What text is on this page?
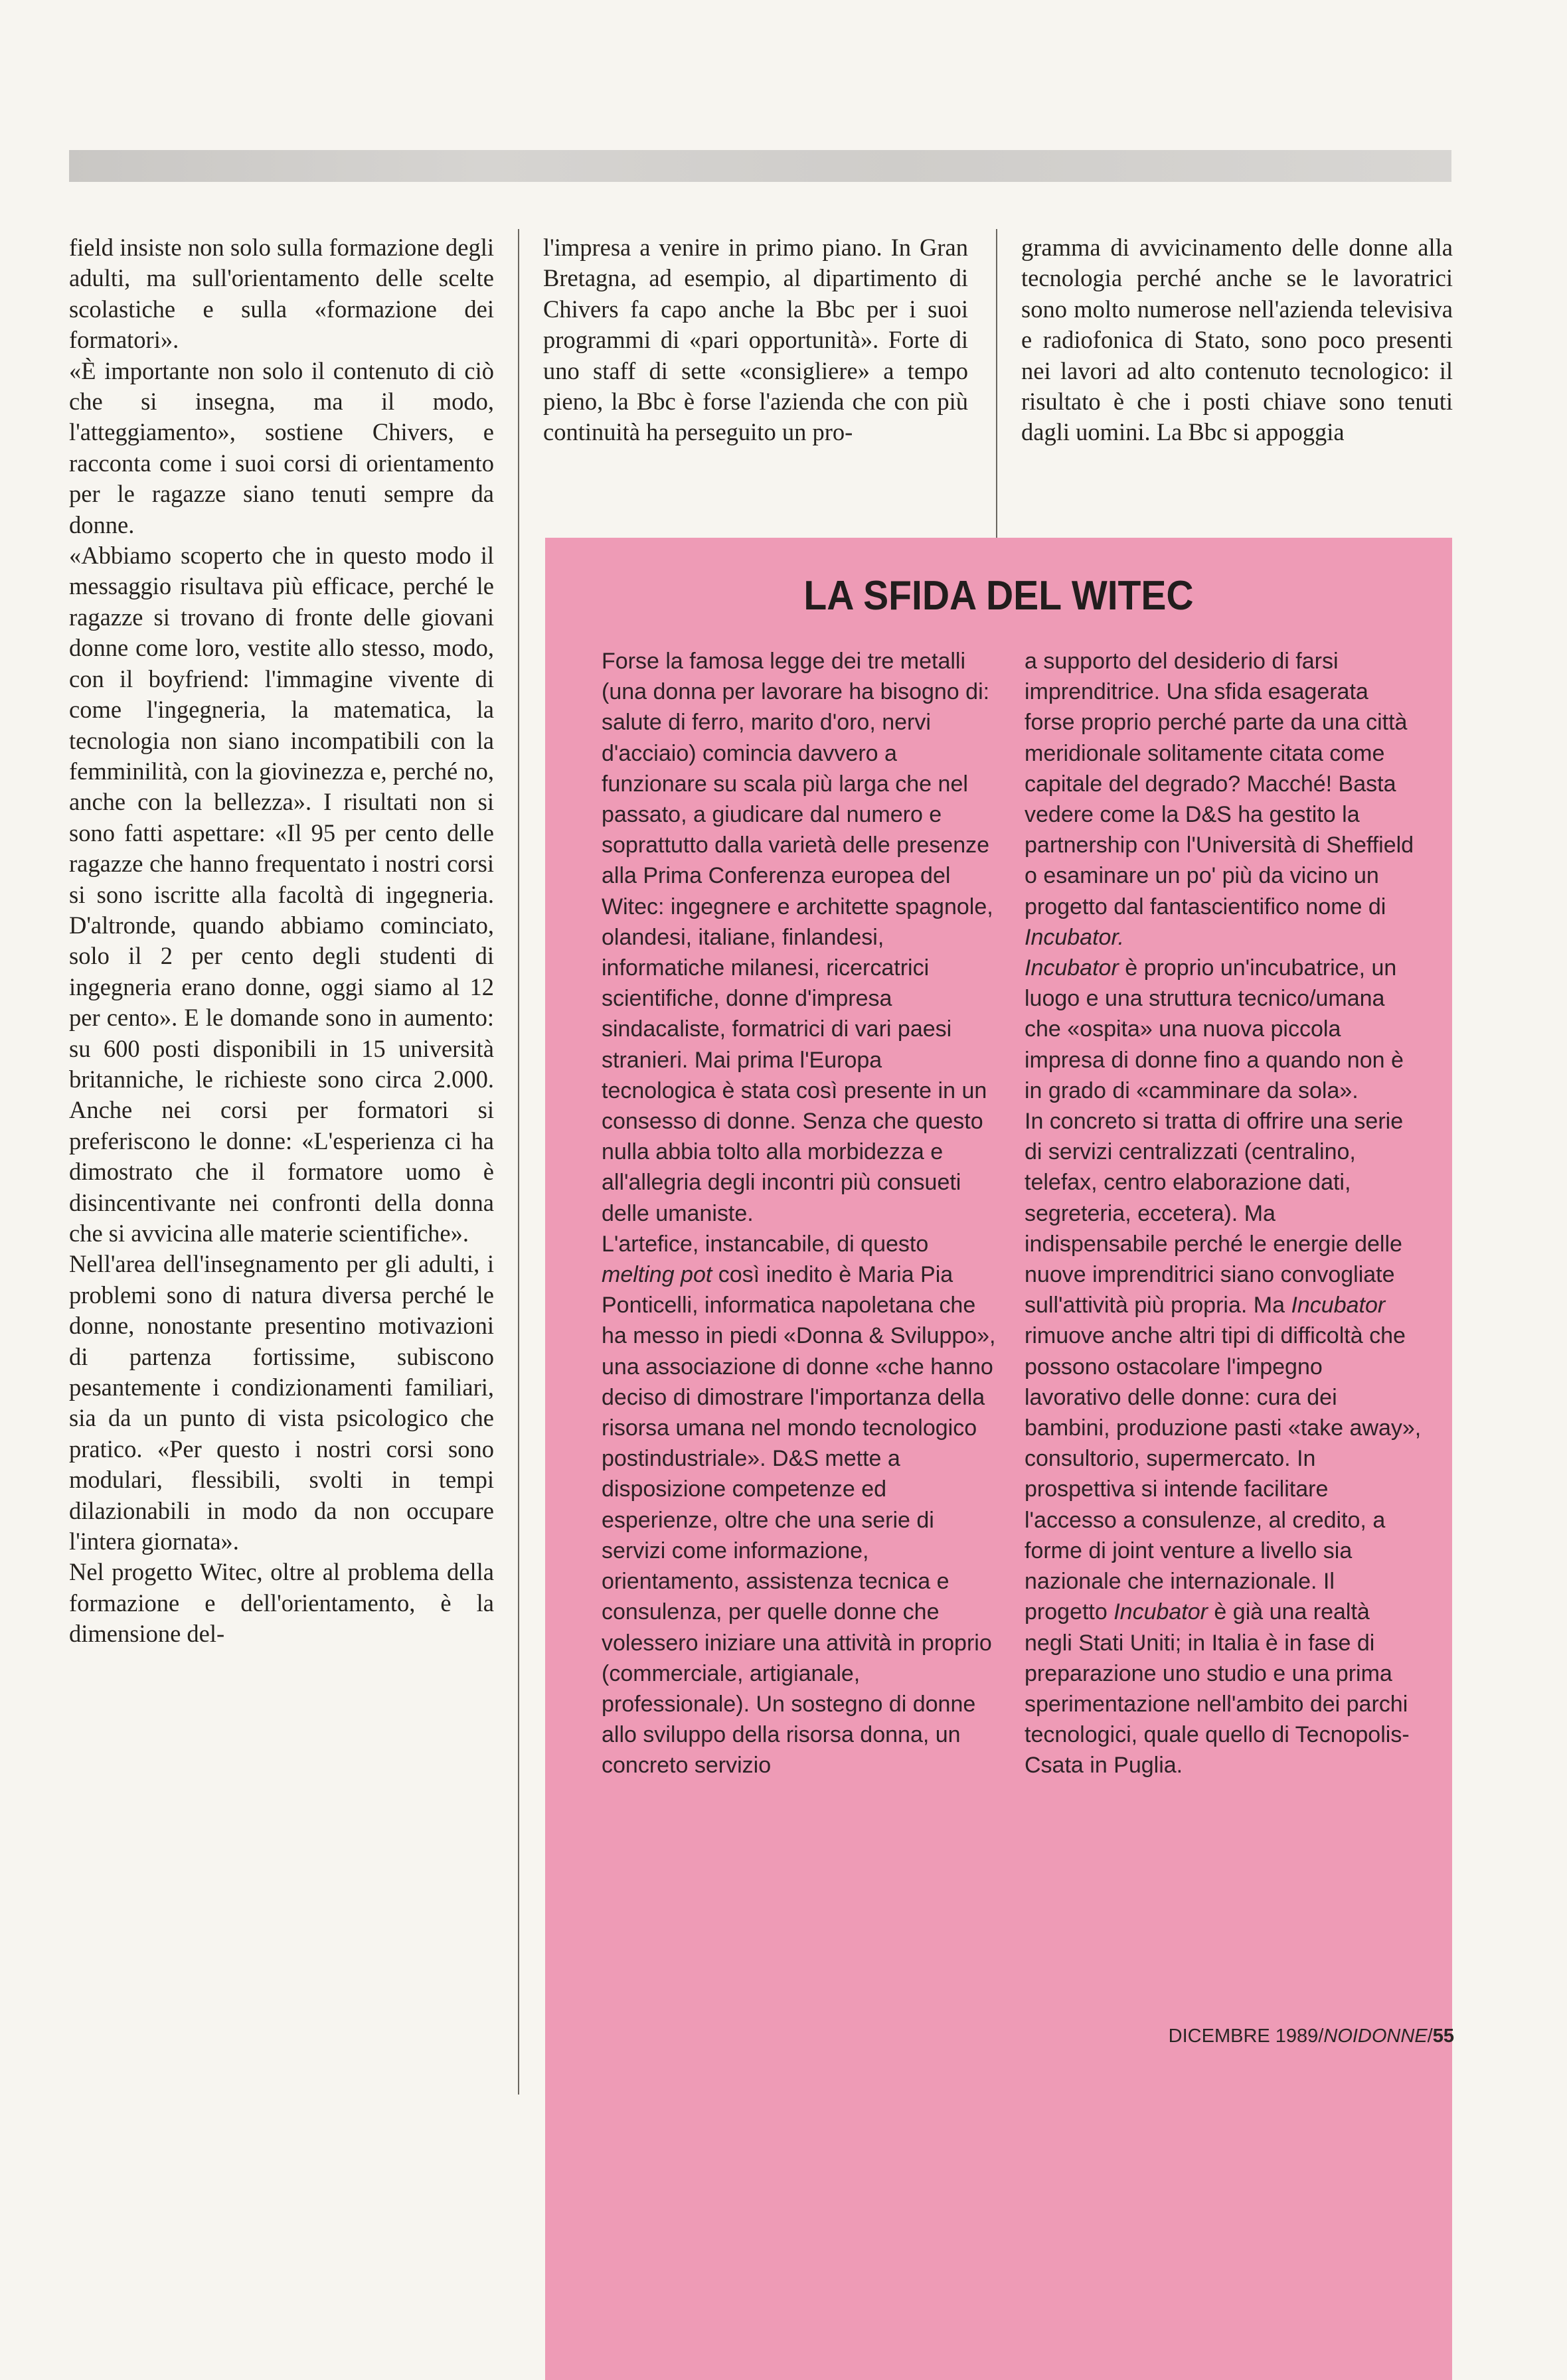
field insiste non solo sulla formazione degli adulti, ma sull'orientamento delle scelte scolastiche e sulla «formazione dei formatori».

«È importante non solo il contenuto di ciò che si insegna, ma il modo, l'atteggiamento», sostiene Chivers, e racconta come i suoi corsi di orientamento per le ragazze siano tenuti sempre da donne.

«Abbiamo scoperto che in questo modo il messaggio risultava più efficace, perché le ragazze si trovano di fronte delle giovani donne come loro, vestite allo stesso, modo, con il boyfriend: l'immagine vivente di come l'ingegneria, la matematica, la tecnologia non siano incompatibili con la femminilità, con la giovinezza e, perché no, anche con la bellezza». I risultati non si sono fatti aspettare: «Il 95 per cento delle ragazze che hanno frequentato i nostri corsi si sono iscritte alla facoltà di ingegneria. D'altronde, quando abbiamo cominciato, solo il 2 per cento degli studenti di ingegneria erano donne, oggi siamo al 12 per cento». E le domande sono in aumento: su 600 posti disponibili in 15 università britanniche, le richieste sono circa 2.000. Anche nei corsi per formatori si preferiscono le donne: «L'esperienza ci ha dimostrato che il formatore uomo è disincentivante nei confronti della donna che si avvicina alle materie scientifiche».

Nell'area dell'insegnamento per gli adulti, i problemi sono di natura diversa perché le donne, nonostante presentino motivazioni di partenza fortissime, subiscono pesantemente i condizionamenti familiari, sia da un punto di vista psicologico che pratico. «Per questo i nostri corsi sono modulari, flessibili, svolti in tempi dilazionabili in modo da non occupare l'intera giornata».

Nel progetto Witec, oltre al problema della formazione e dell'orientamento, è la dimensione del-

l'impresa a venire in primo piano. In Gran Bretagna, ad esempio, al dipartimento di Chivers fa capo anche la Bbc per i suoi programmi di «pari opportunità». Forte di uno staff di sette «consigliere» a tempo pieno, la Bbc è forse l'azienda che con più continuità ha perseguito un pro-

gramma di avvicinamento delle donne alla tecnologia perché anche se le lavoratrici sono molto numerose nell'azienda televisiva e radiofonica di Stato, sono poco presenti nei lavori ad alto contenuto tecnologico: il risultato è che i posti chiave sono tenuti dagli uomini. La Bbc si appoggia

LA SFIDA DEL WITEC

Forse la famosa legge dei tre metalli (una donna per lavorare ha bisogno di: salute di ferro, marito d'oro, nervi d'acciaio) comincia davvero a funzionare su scala più larga che nel passato, a giudicare dal numero e soprattutto dalla varietà delle presenze alla Prima Conferenza europea del Witec: ingegnere e architette spagnole, olandesi, italiane, finlandesi, informatiche milanesi, ricercatrici scientifiche, donne d'impresa sindacaliste, formatrici di vari paesi stranieri. Mai prima l'Europa tecnologica è stata così presente in un consesso di donne. Senza che questo nulla abbia tolto alla morbidezza e all'allegria degli incontri più consueti delle umaniste.

L'artefice, instancabile, di questo melting pot così inedito è Maria Pia Ponticelli, informatica napoletana che ha messo in piedi «Donna & Sviluppo», una associazione di donne «che hanno deciso di dimostrare l'importanza della risorsa umana nel mondo tecnologico postindustriale». D&S mette a disposizione competenze ed esperienze, oltre che una serie di servizi come informazione, orientamento, assistenza tecnica e consulenza, per quelle donne che volessero iniziare una attività in proprio (commerciale, artigianale, professionale). Un sostegno di donne allo sviluppo della risorsa donna, un concreto servizio

a supporto del desiderio di farsi imprenditrice. Una sfida esagerata forse proprio perché parte da una città meridionale solitamente citata come capitale del degrado? Macché! Basta vedere come la D&S ha gestito la partnership con l'Università di Sheffield o esaminare un po' più da vicino un progetto dal fantascientifico nome di Incubator.

Incubator è proprio un'incubatrice, un luogo e una struttura tecnico/umana che «ospita» una nuova piccola impresa di donne fino a quando non è in grado di «camminare da sola».

In concreto si tratta di offrire una serie di servizi centralizzati (centralino, telefax, centro elaborazione dati, segreteria, eccetera). Ma indispensabile perché le energie delle nuove imprenditrici siano convogliate sull'attività più propria. Ma Incubator rimuove anche altri tipi di difficoltà che possono ostacolare l'impegno lavorativo delle donne: cura dei bambini, produzione pasti «take away», consultorio, supermercato. In prospettiva si intende facilitare l'accesso a consulenze, al credito, a forme di joint venture a livello sia nazionale che internazionale. Il progetto Incubator è già una realtà negli Stati Uniti; in Italia è in fase di preparazione uno studio e una prima sperimentazione nell'ambito dei parchi tecnologici, quale quello di Tecnopolis-Csata in Puglia.

DICEMBRE 1989/NOIDONNE/55
